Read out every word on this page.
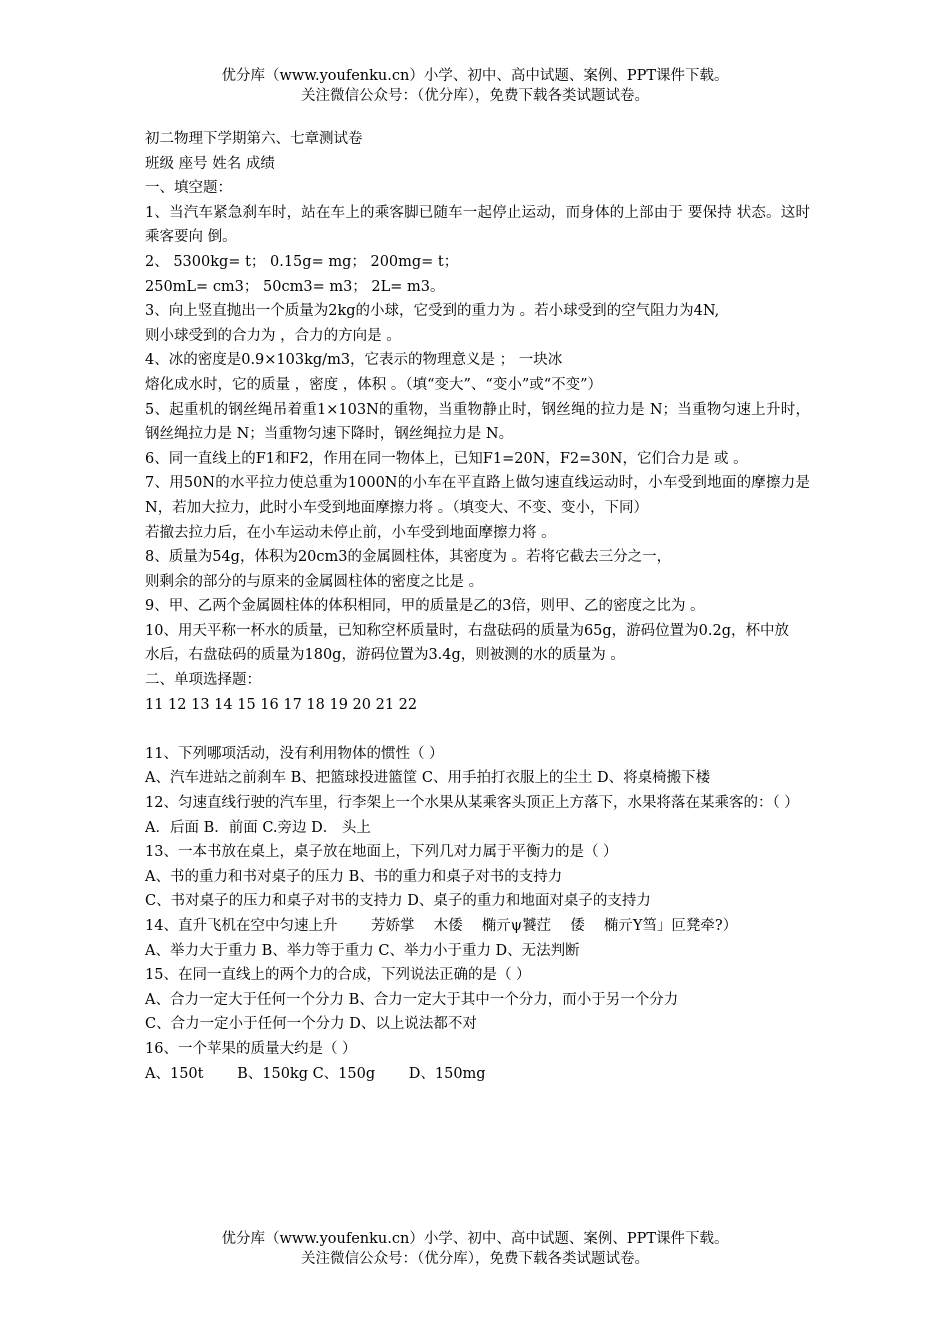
优分库（www.youfenku.cn）小学、初中、高中试题、案例、PPT课件下载。
关注微信公众号：（优分库），免费下载各类试题试卷。

初二物理下学期第六、七章测试卷

班级 座号 姓名 成绩

一、填空题：

1、当汽车紧急刹车时，站在车上的乘客脚已随车一起停止运动，而身体的上部由于 要保持 状态。这时乘客要向 倒。

2、 5300kg= t； 0.15g= mg； 200mg= t；

250mL= cm3； 50cm3= m3； 2L= m3。

3、向上竖直抛出一个质量为2kg的小球，它受到的重力为 。若小球受到的空气阻力为4N,

则小球受到的合力为 ，合力的方向是 。

4、冰的密度是0.9×103kg/m3，它表示的物理意义是 ； 一块冰

熔化成水时，它的质量 ，密度 ，体积 。（填“变大”、“变小”或“不变”）

5、起重机的钢丝绳吊着重1×103N的重物，当重物静止时，钢丝绳的拉力是 N；当重物匀速上升时，钢丝绳拉力是 N；当重物匀速下降时，钢丝绳拉力是 N。

6、同一直线上的F1和F2，作用在同一物体上，已知F1=20N，F2=30N，它们合力是 或 。

7、用50N的水平拉力使总重为1000N的小车在平直路上做匀速直线运动时，小车受到地面的摩擦力是 N，若加大拉力，此时小车受到地面摩擦力将 。（填变大、不变、变小，下同）

若撤去拉力后，在小车运动未停止前，小车受到地面摩擦力将 。

8、质量为54g，体积为20cm3的金属圆柱体，其密度为 。若将它截去三分之一，

则剩余的部分的与原来的金属圆柱体的密度之比是 。

9、甲、乙两个金属圆柱体的体积相同，甲的质量是乙的3倍，则甲、乙的密度之比为 。

10、用天平称一杯水的质量，已知称空杯质量时，右盘砝码的质量为65g，游码位置为0.2g，杯中放

水后，右盘砝码的质量为180g，游码位置为3.4g，则被测的水的质量为 。

二、单项选择题：

11 12 13 14 15 16 17 18 19 20 21 22

11、下列哪项活动，没有利用物体的惯性（ ）

A、汽车进站之前刹车 B、把篮球投进篮筐 C、用手拍打衣服上的尘土 D、将桌椅搬下楼

12、匀速直线行驶的汽车里，行李架上一个水果从某乘客头顶正上方落下，水果将落在某乘客的：（ ）

A．后面 B．前面 C.旁边 D． 头上

13、一本书放在桌上，桌子放在地面上，下列几对力属于平衡力的是（ ）

A、书的重力和书对桌子的压力 B、书的重力和桌子对书的支持力

C、书对桌子的压力和桌子对书的支持力 D、桌子的重力和地面对桌子的支持力

14、直升飞机在空中匀速上升　　 芳娇掌　 木倭　 椭亓ψ饕茳　 倭　 椭亓Y筜」叵凳牵?）

A、举力大于重力 B、举力等于重力 C、举力小于重力 D、无法判断

15、在同一直线上的两个力的合成，下列说法正确的是（ ）

A、合力一定大于任何一个分力 B、合力一定大于其中一个分力，而小于另一个分力

C、合力一定小于任何一个分力 D、以上说法都不对

16、一个苹果的质量大约是（ ）

A、150t　　 B、150kg C、150g　　 D、150mg

优分库（www.youfenku.cn）小学、初中、高中试题、案例、PPT课件下载。
关注微信公众号：（优分库），免费下载各类试题试卷。
